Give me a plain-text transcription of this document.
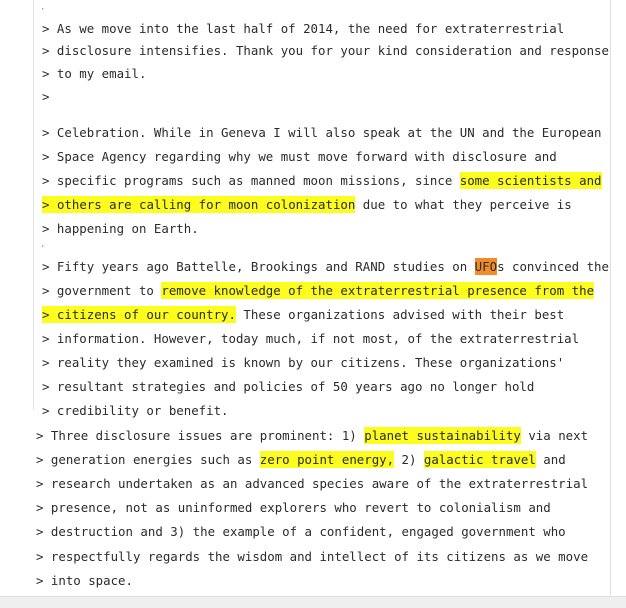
·
> As we move into the last half of 2014, the need for extraterrestrial
> disclosure intensifies. Thank you for your kind consideration and response
> to my email.
>
> Celebration. While in Geneva I will also speak at the UN and the European
> Space Agency regarding why we must move forward with disclosure and
> specific programs such as manned moon missions, since some scientists and
> others are calling for moon colonization due to what they perceive is
> happening on Earth.
·
> Fifty years ago Battelle, Brookings and RAND studies on UFOs convinced the
> government to remove knowledge of the extraterrestrial presence from the
> citizens of our country. These organizations advised with their best
> information. However, today much, if not most, of the extraterrestrial
> reality they examined is known by our citizens. These organizations'
> resultant strategies and policies of 50 years ago no longer hold
> credibility or benefit.
> Three disclosure issues are prominent: 1) planet sustainability via next
> generation energies such as zero point energy, 2) galactic travel and
> research undertaken as an advanced species aware of the extraterrestrial
> presence, not as uninformed explorers who revert to colonialism and
> destruction and 3) the example of a confident, engaged government who
> respectfully regards the wisdom and intellect of its citizens as we move
> into space.
